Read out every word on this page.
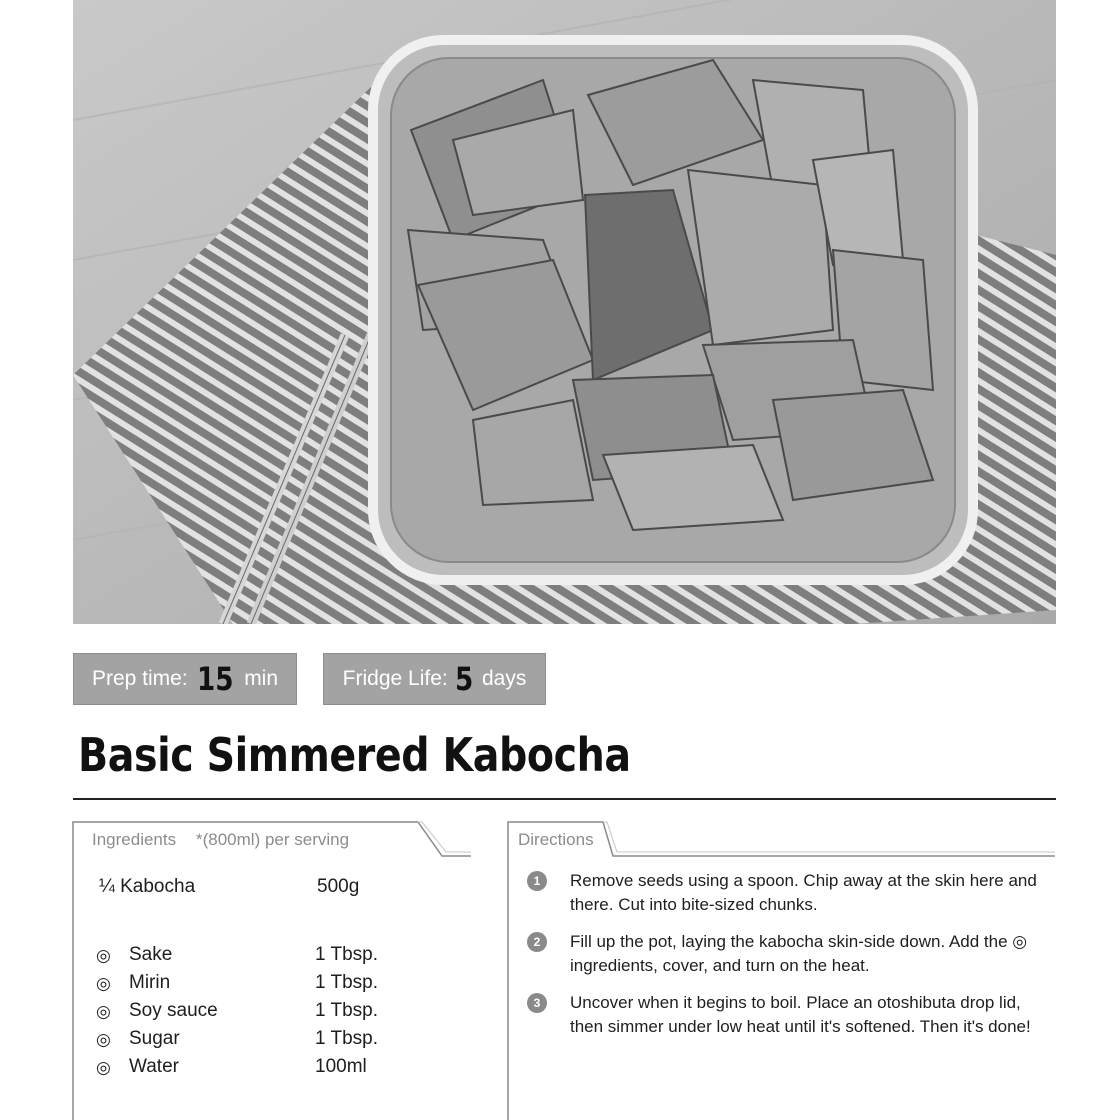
Prep time: 15 min	Fridge Life: 5 days
Basic Simmered Kabocha
Ingredients *(800ml) per serving
¼ Kabocha	500g
◎ Sake	1 Tbsp.
◎ Mirin	1 Tbsp.
◎ Soy sauce	1 Tbsp.
◎ Sugar	1 Tbsp.
◎ Water	100ml
Directions
1	Remove seeds using a spoon. Chip away at the skin here and there. Cut into bite-sized chunks.
2	Fill up the pot, laying the kabocha skin-side down. Add the ◎ ingredients, cover, and turn on the heat.
3	Uncover when it begins to boil. Place an otoshibuta drop lid, then simmer under low heat until it's softened. Then it's done!
